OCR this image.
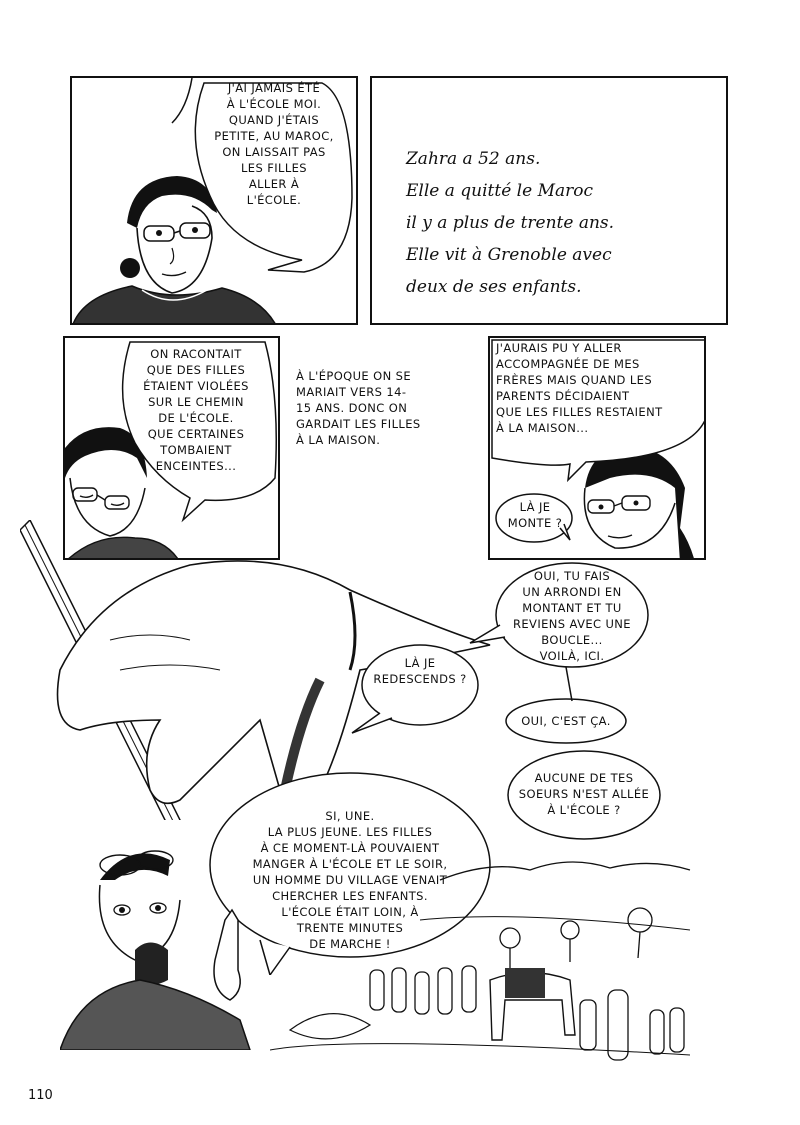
J'AI JAMAIS ÉTÉ
À L'ÉCOLE MOI.
QUAND J'ÉTAIS
PETITE, AU MAROC,
ON LAISSAIT PAS
LES FILLES
ALLER À
L'ÉCOLE.
Zahra a 52 ans.
Elle a quitté le Maroc
il y a plus de trente ans.
Elle vit à Grenoble avec
deux de ses enfants.
ON RACONTAIT
QUE DES FILLES
ÉTAIENT VIOLÉES
SUR LE CHEMIN
DE L'ÉCOLE.
QUE CERTAINES
TOMBAIENT
ENCEINTES...
À L'ÉPOQUE ON SE
MARIAIT VERS 14-
15 ANS. DONC ON
GARDAIT LES FILLES
À LA MAISON.
J'AURAIS PU Y ALLER
ACCOMPAGNÉE DE MES
FRÈRES MAIS QUAND LES
PARENTS DÉCIDAIENT
QUE LES FILLES RESTAIENT
À LA MAISON...
LÀ JE
MONTE ?
OUI, TU FAIS
UN ARRONDI EN
MONTANT ET TU
REVIENS AVEC UNE
BOUCLE...
VOILÀ, ICI.
LÀ JE
REDESCENDS ?
OUI, C'EST ÇA.
AUCUNE DE TES
SOEURS N'EST ALLÉE
À L'ÉCOLE ?
SI, UNE.
LA PLUS JEUNE. LES FILLES
À CE MOMENT-LÀ POUVAIENT
MANGER À L'ÉCOLE ET LE SOIR,
UN HOMME DU VILLAGE VENAIT
CHERCHER LES ENFANTS.
L'ÉCOLE ÉTAIT LOIN, À
TRENTE MINUTES
DE MARCHE !
110
